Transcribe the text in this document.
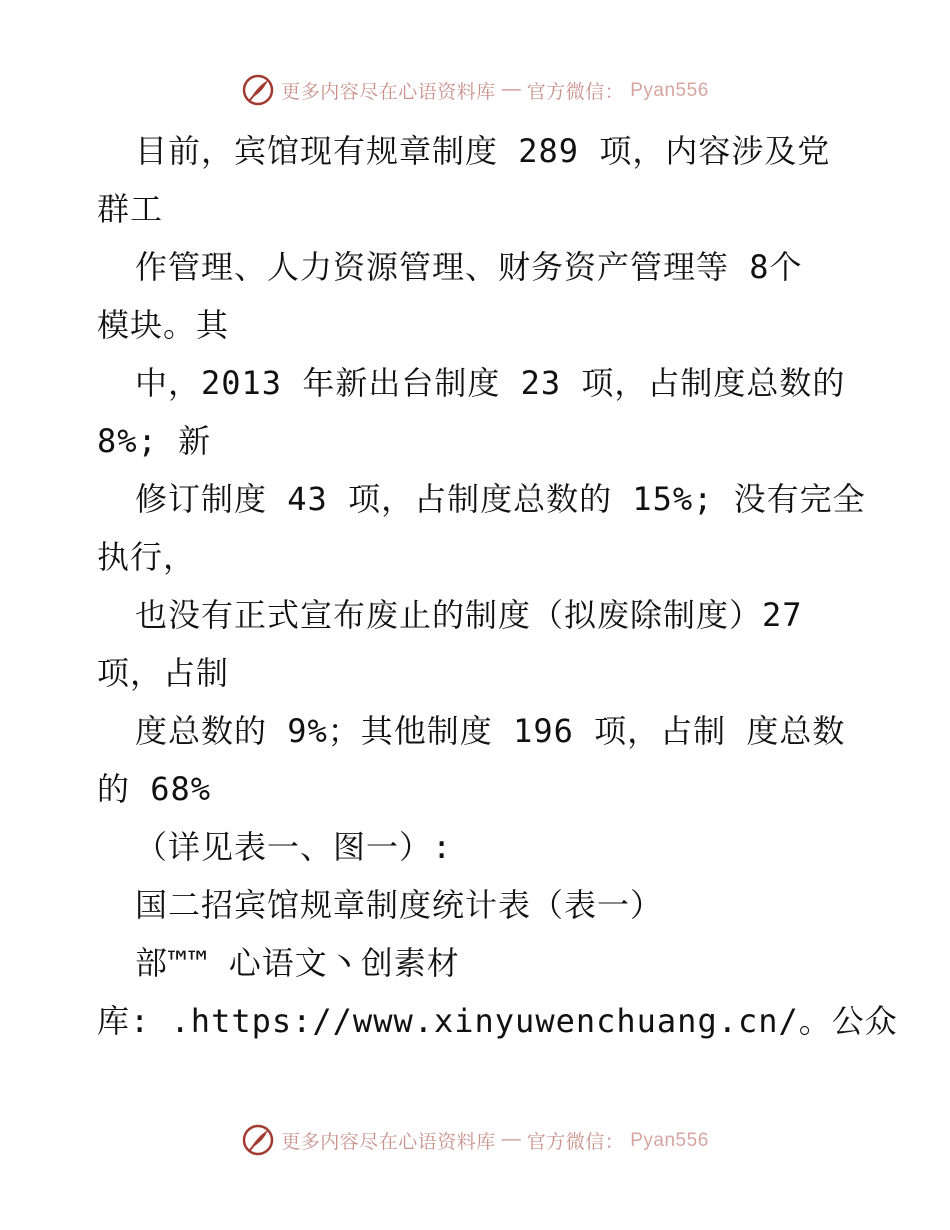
更多内容尽在心语资料库 — 官方微信： Pyan556
目前，宾馆现有规章制度 289 项，内容涉及党
群工
作管理、人力资源管理、财务资产管理等 8个
模块。其
中，2013 年新出台制度 23 项，占制度总数的
8%; 新
修订制度 43 项，占制度总数的 15%; 没有完全
执行，
也没有正式宣布废止的制度（拟废除制度）27
项，占制
度总数的 9%；其他制度 196 项，占制 度总数
的 68%
（详见表一、图一）:
国二招宾馆规章制度统计表（表一）
部™™ 心语文丶创素材
库: .https://www.xinyuwenchuang.cn/。公众
更多内容尽在心语资料库 — 官方微信： Pyan556
